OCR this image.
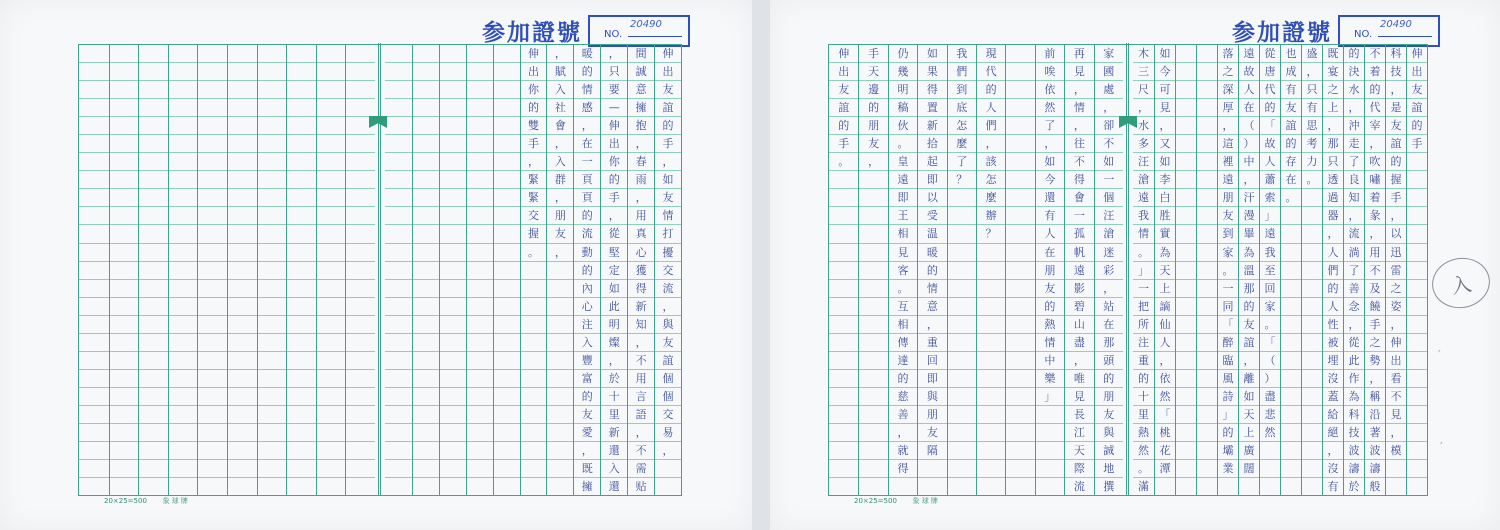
参加證號 NO.
20490	参加證號 NO.
20490
伸
出
你
的
雙
手
，
緊
緊
交
握
。
，
賦
入
社
會
，
入
群
，
朋
友
，
暖
的
情
感
，
在
一
頁
頁
的
流
動
的
內
心
注
入
豐
富
的
友
愛
，
既
擁
，
只
要
—
伸
出
你
的
手
，
從
堅
定
如
此
明
燦
，
於
十
里
新
還
入
還
間
誠
意
擁
抱
，
春
雨
，
用
真
心
獲
得
新
知
，
不
用
言
語
，
不
需
贴
伸
出
友
誼
的
手
，
如
友
情
打
擾
交
流
，
與
友
誼
個
個
交
易
，
伸
出
友
誼
的
手
。
手
天
邊
的
朋
友
，
仍
幾
明
稿
伙
。
皇
遠
即
王
相
見
客
。
互
相
傳
達
的
慈
善
，
就
得
如
果
得
置
新
拾
起
即
以
受
温
暖
的
情
意
，
重
回
即
與
朋
友
隔
我
們
到
底
怎
麼
了
？
現
代
的
人
們
，
該
怎
麼
辦
？
前
唉
依
然
了
，
如
今
還
有
人
在
朋
友
的
熱
情
中
樂
」
再
見
，
情
，
往
不
得
會
一
孤
帆
遠
影
碧
山
盡
，
唯
見
長
江
天
際
流
家
國
處
，
卻
不
如
一
個
汪
滄
迷
彩
，
站
在
那
頭
的
朋
友
與
誠
地
撰
木
三
尺
，
水
多
汪
滄
遠
我
情
。
」
一
把
所
注
重
的
十
里
熱
然
。
滿
如
今
可
見
，
又
如
李
白
胜
實
為
天
上
謫
仙
人
，
依
然
「
桃
花
潭
落
之
深
厚
，
這
裡
遠
朋
友
到
家
。
一
同
「
醉
臨
風
詩
」
的
壩
業
遠
故
人
在
（
）
中
，
汗
漫
畢
為
溫
那
的
友
誼
，
離
如
天
上
廣
闊
從
唐
代
的
「
故
人
蕭
索
」
遠
我
至
回
家
。
「
（
）
盡
悲
然
也
成
有
友
誼
的
存
在
。
盛
，
只
有
思
考
力
。
既
宴
之
上
，
那
只
透
過
器
，
人
們
的
人
性
被
埋
沒
蓋
給
絕
，
沒
有
的
決
水
，
沖
走
了
良
知
，
流
淌
了
善
念
，
從
此
作
為
科
技
波
濤
於
不
着
的
代
宰
，
吹
嘯
着
彖
，
用
不
及
饒
手
之
勢
，
稱
沿
著
波
濤
般
科
技
，
是
友
誼
的
握
手
，
以
迅
雷
之
姿
，
伸
出
看
不
見
，
模
伸
出
友
誼
的
手
20×25=500 象 球 牌	20×25=500 象 球 牌
入
′
′
